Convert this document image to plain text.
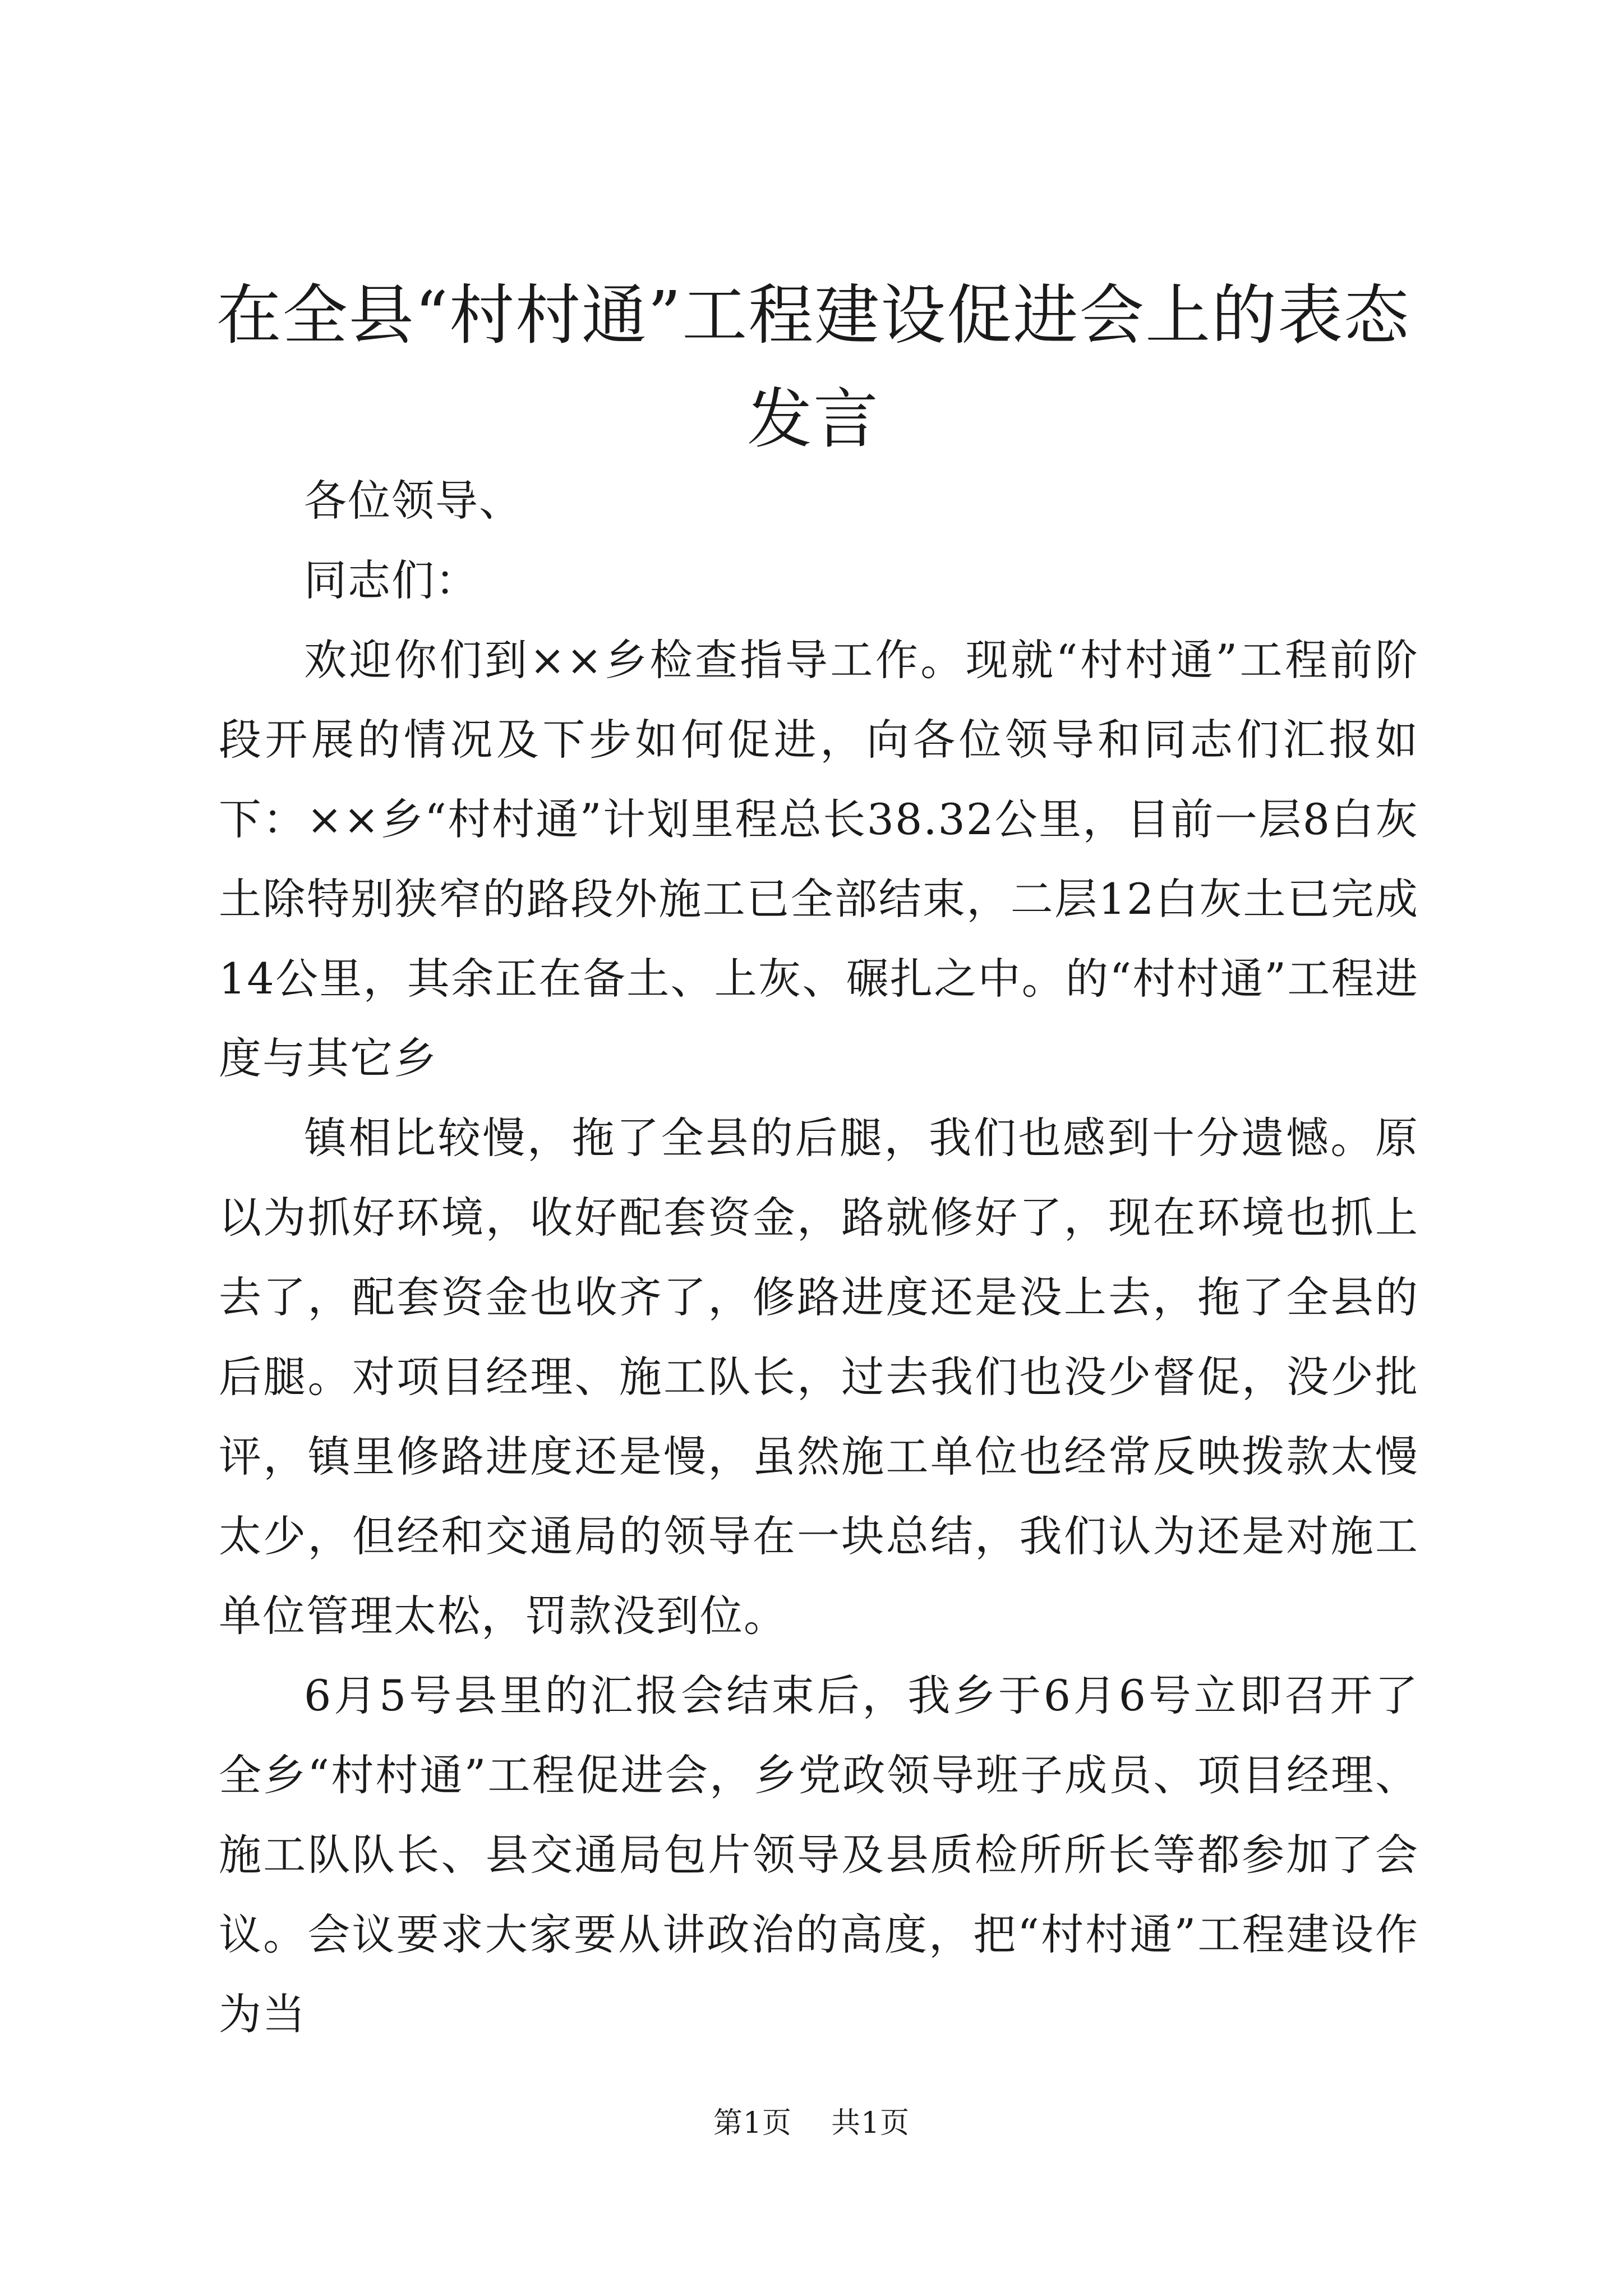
在全县“村村通”工程建设促进会上的表态发言

各位领导、

同志们：

欢迎你们到××乡检查指导工作。现就“村村通”工程前阶段开展的情况及下步如何促进，向各位领导和同志们汇报如下：××乡“村村通”计划里程总长38.32公里，目前一层8白灰土除特别狭窄的路段外施工已全部结束，二层12白灰土已完成14公里，其余正在备土、上灰、碾扎之中。的“村村通”工程进度与其它乡

镇相比较慢，拖了全县的后腿，我们也感到十分遗憾。原以为抓好环境，收好配套资金，路就修好了，现在环境也抓上去了，配套资金也收齐了，修路进度还是没上去，拖了全县的后腿。对项目经理、施工队长，过去我们也没少督促，没少批评，镇里修路进度还是慢，虽然施工单位也经常反映拨款太慢太少，但经和交通局的领导在一块总结，我们认为还是对施工单位管理太松，罚款没到位。

6月5号县里的汇报会结束后，我乡于6月6号立即召开了全乡“村村通”工程促进会，乡党政领导班子成员、项目经理、施工队队长、县交通局包片领导及县质检所所长等都参加了会议。会议要求大家要从讲政治的高度，把“村村通”工程建设作为当

第1页 共1页
